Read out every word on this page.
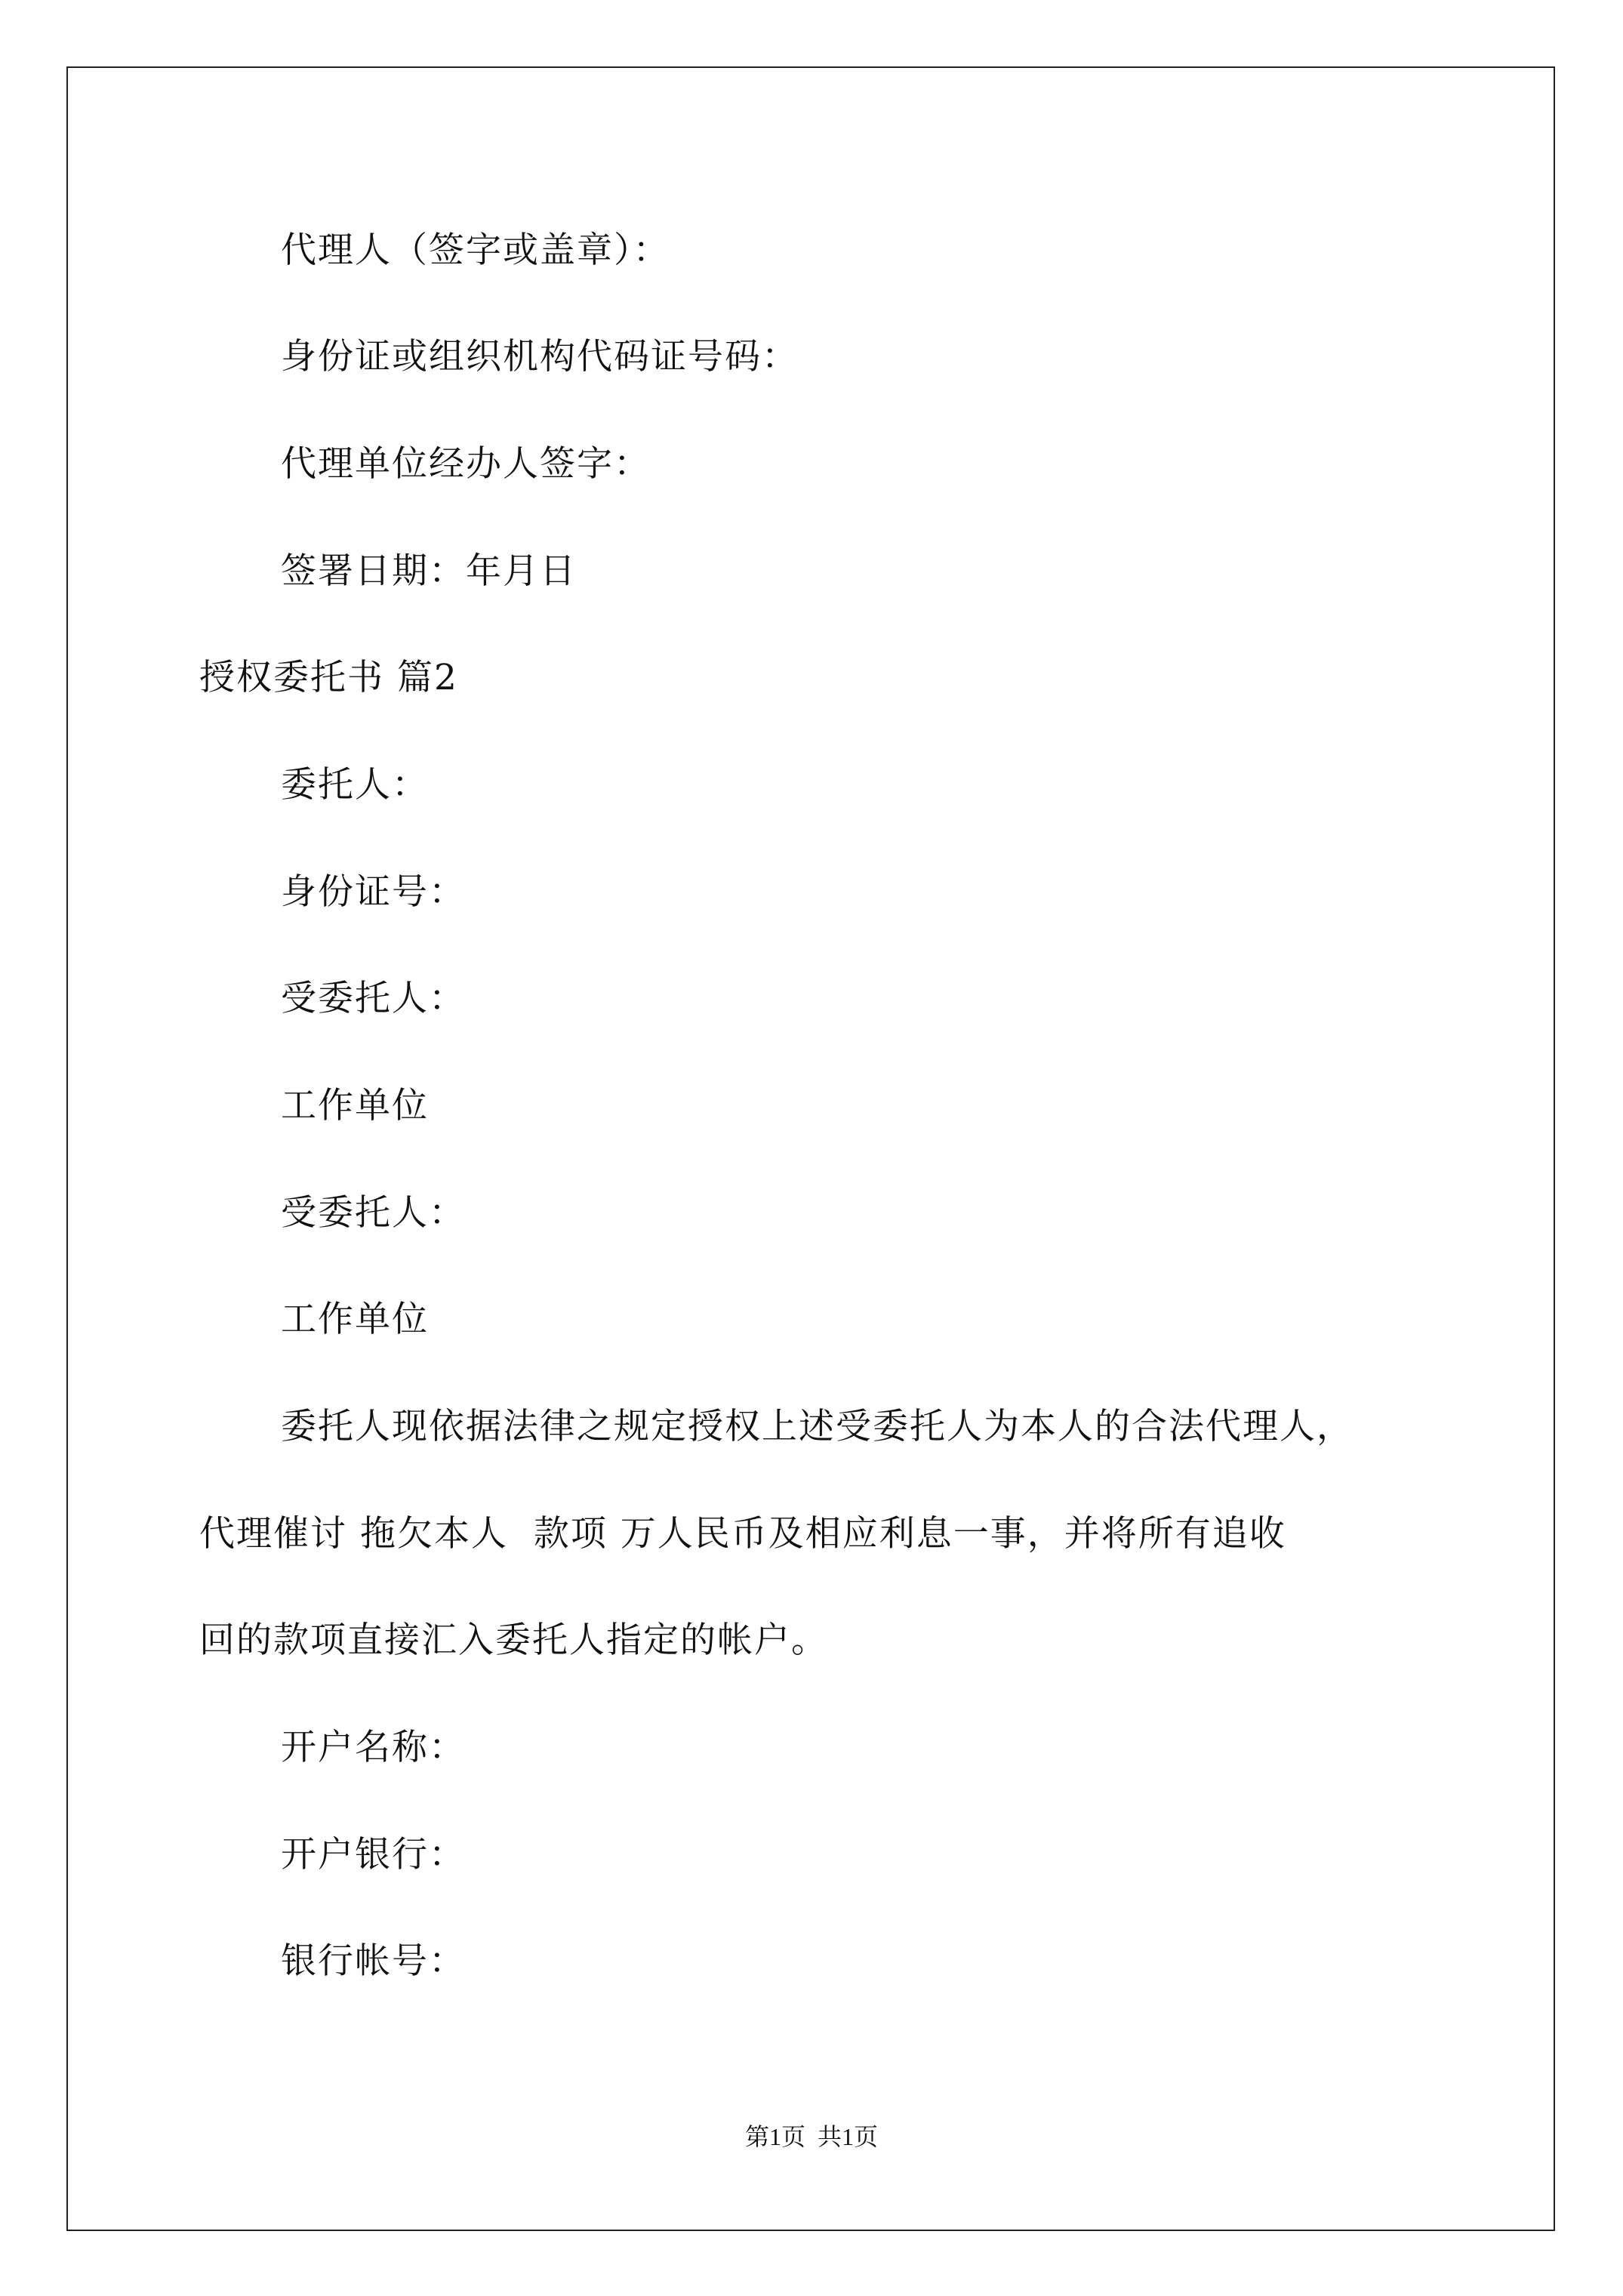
代理人（签字或盖章）：
身份证或组织机构代码证号码：
代理单位经办人签字：
签署日期：年月日
授权委托书 篇2
委托人：
身份证号：
受委托人：
工作单位
受委托人：
工作单位
委托人现依据法律之规定授权上述受委托人为本人的合法代理人，
代理催讨 拖欠本人  款项 万人民币及相应利息一事，并将所有追收
回的款项直接汇入委托人指定的帐户。
开户名称：
开户银行：
银行帐号：
第1页  共1页
